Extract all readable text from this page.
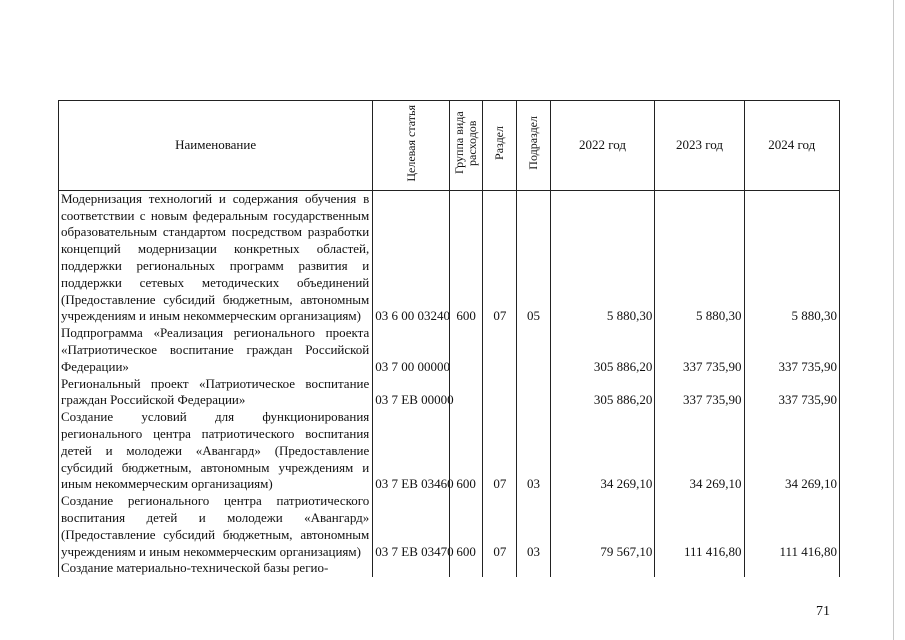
Наименование	Целевая статья	Группа вида расходов	Раздел	Подраздел	2022 год	2023 год	2024 год
Модернизация технологий и содержания обучения в соответствии с новым федеральным государственным образовательным стандартом посредством разработки концепций модернизации конкретных областей, поддержки региональных программ развития и поддержки сетевых методических объединений (Предоставление субсидий бюджетным, автономным учреждениям и иным некоммерческим организациям)	03 6 00 03240	600	07	05	5 880,30	5 880,30	5 880,30
Подпрограмма «Реализация регионального проекта «Патриотическое воспитание граждан Российской Федерации»	03 7 00 00000				305 886,20	337 735,90	337 735,90
Региональный проект «Патриотическое воспитание граждан Российской Федерации»	03 7 EB 00000				305 886,20	337 735,90	337 735,90
Создание условий для функционирования регионального центра патриотического воспитания детей и молодежи «Авангард» (Предоставление субсидий бюджетным, автономным учреждениям и иным некоммерческим организациям)	03 7 EB 03460	600	07	03	34 269,10	34 269,10	34 269,10
Создание регионального центра патриотического воспитания детей и молодежи «Авангард» (Предоставление субсидий бюджетным, автономным учреждениям и иным некоммерческим организациям)	03 7 EB 03470	600	07	03	79 567,10	111 416,80	111 416,80
Создание материально-технической базы регио-							
71
